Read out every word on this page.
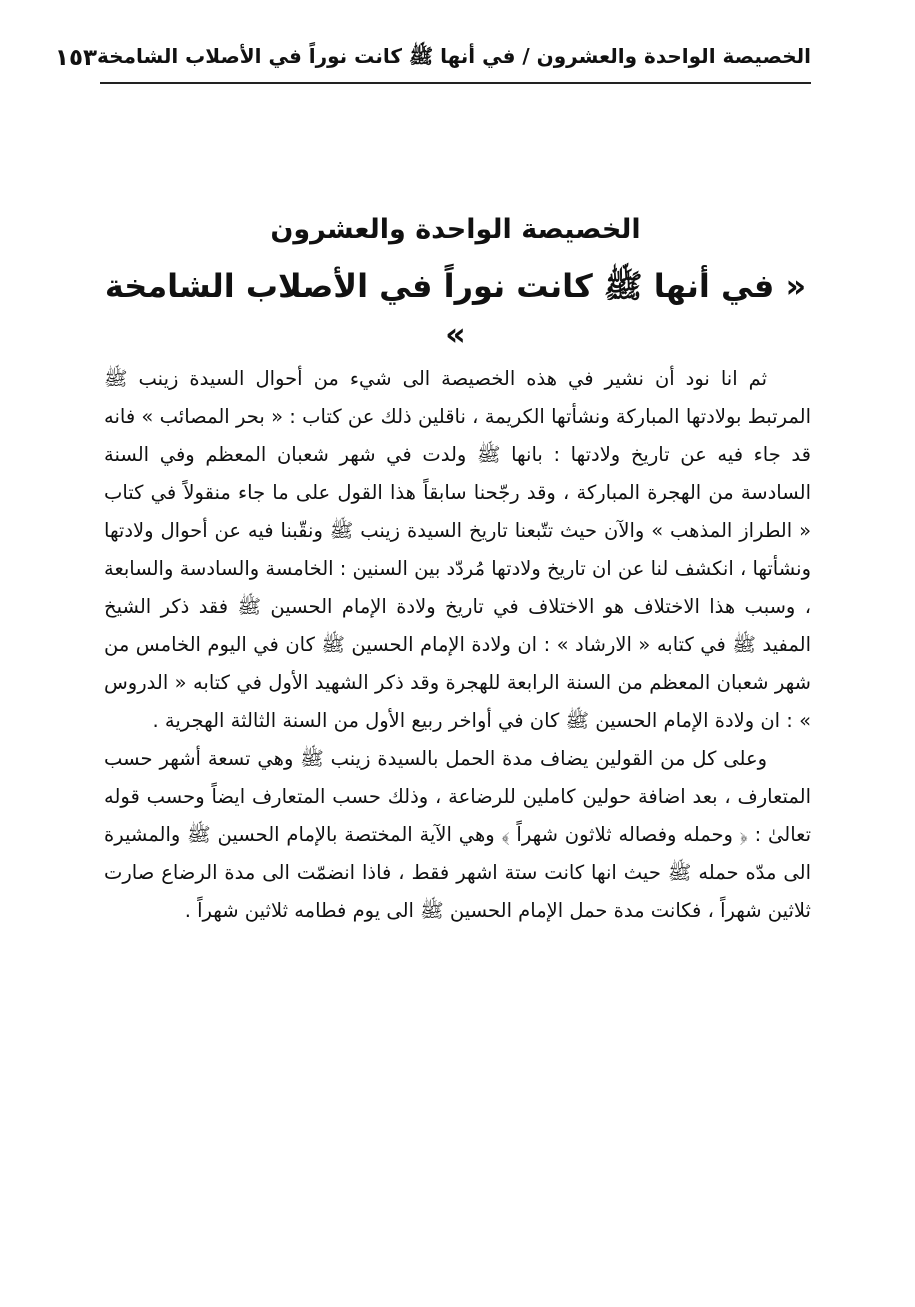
الخصيصة الواحدة والعشرون / في أنها ﷺ كانت نوراً في الأصلاب الشامخة
١٥٣
الخصيصة الواحدة والعشرون
« في أنها ﷺ كانت نوراً في الأصلاب الشامخة »

ثم انا نود أن نشير في هذه الخصيصة الى شيء من أحوال السيدة زينب ﷺ المرتبط بولادتها المباركة ونشأتها الكريمة ، ناقلين ذلك عن كتاب : « بحر المصائب » فانه قد جاء فيه عن تاريخ ولادتها : بانها ﷺ ولدت في شهر شعبان المعظم وفي السنة السادسة من الهجرة المباركة ، وقد رجّحنا سابقاً هذا القول على ما جاء منقولاً في كتاب « الطراز المذهب » والآن حيث تتّبعنا تاريخ السيدة زينب ﷺ ونقّبنا فيه عن أحوال ولادتها ونشأتها ، انكشف لنا عن ان تاريخ ولادتها مُردّد بين السنين : الخامسة والسادسة والسابعة ، وسبب هذا الاختلاف هو الاختلاف في تاريخ ولادة الإمام الحسين ﷺ فقد ذكر الشيخ المفيد ﷺ في كتابه « الارشاد » : ان ولادة الإمام الحسين ﷺ كان في اليوم الخامس من شهر شعبان المعظم من السنة الرابعة للهجرة وقد ذكر الشهيد الأول في كتابه « الدروس » : ان ولادة الإمام الحسين ﷺ كان في أواخر ربيع الأول من السنة الثالثة الهجرية .

وعلى كل من القولين يضاف مدة الحمل بالسيدة زينب ﷺ وهي تسعة أشهر حسب المتعارف ، بعد اضافة حولين كاملين للرضاعة ، وذلك حسب المتعارف ايضاً وحسب قوله تعالىٰ : ﴿ وحمله وفصاله ثلاثون شهراً ﴾ وهي الآية المختصة بالإمام الحسين ﷺ والمشيرة الى مدّه حمله ﷺ حيث انها كانت ستة اشهر فقط ، فاذا انضمّت الى مدة الرضاع صارت ثلاثين شهراً ، فكانت مدة حمل الإمام الحسين ﷺ الى يوم فطامه ثلاثين شهراً .
